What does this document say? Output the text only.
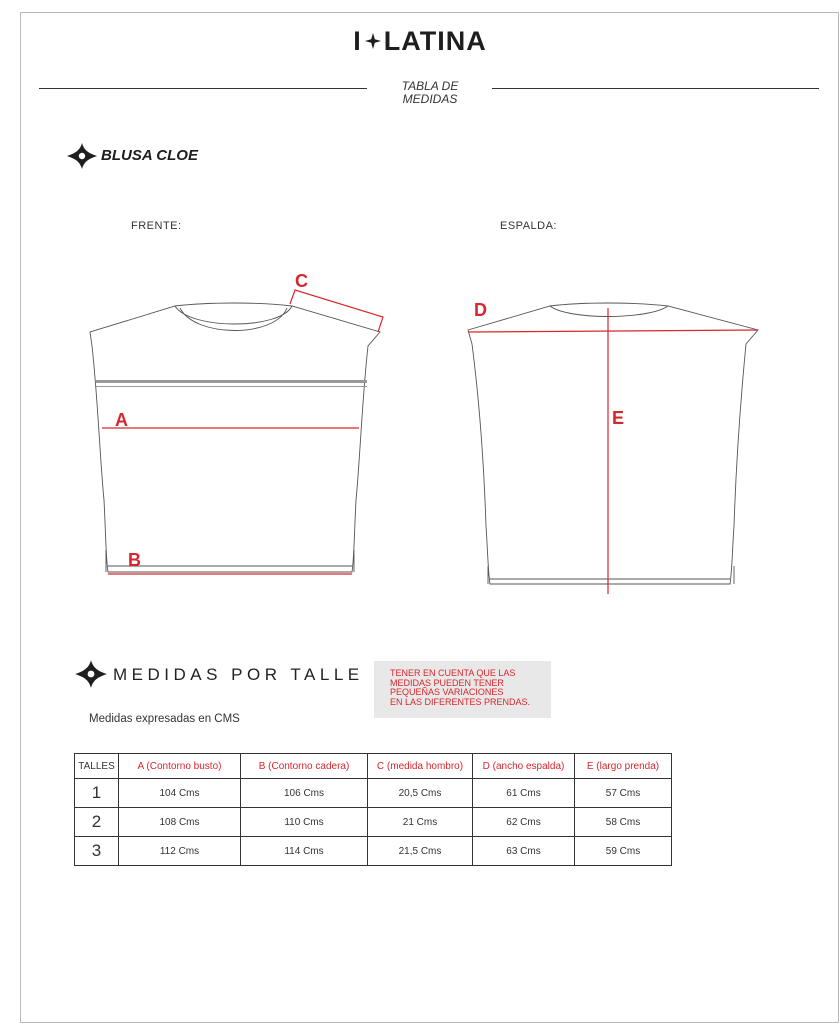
I LATINA
TABLA DE
MEDIDAS
BLUSA CLOE
FRENTE:	ESPALDA:
A
B
C
D
E
MEDIDAS POR TALLE	TENER EN CUENTA QUE LAS
MEDIDAS PUEDEN TENER
PEQUEÑAS VARIACIONES
EN LAS DIFERENTES PRENDAS.
Medidas expresadas en CMS
TALLES	A (Contorno busto)	B (Contorno cadera)	C (medida hombro)	D (ancho espalda)	E (largo prenda)
1	104 Cms	106 Cms	20,5 Cms	61 Cms	57 Cms
2	108 Cms	110 Cms	21 Cms	62 Cms	58 Cms
3	112 Cms	114 Cms	21,5 Cms	63 Cms	59 Cms
